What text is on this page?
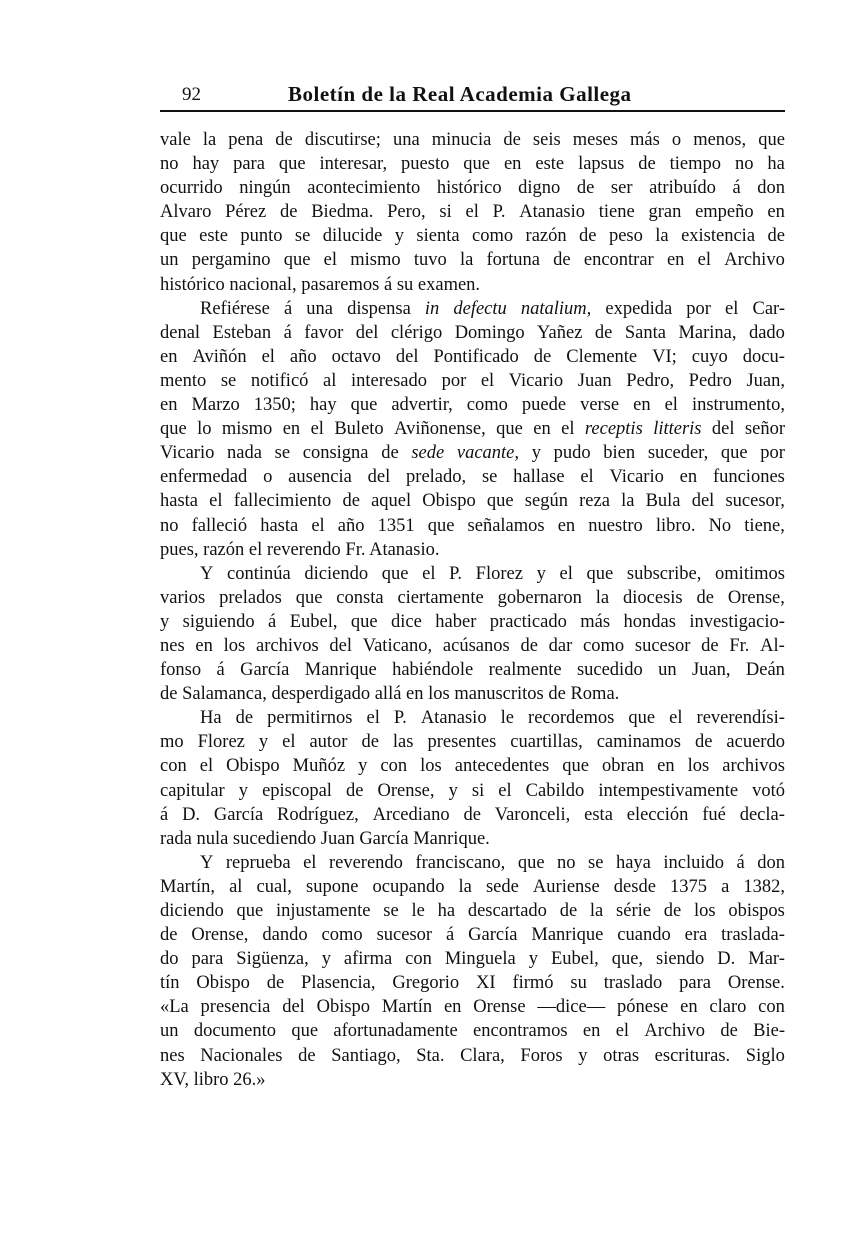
92	Boletín de la Real Academia Gallega
vale la pena de discutirse; una minucia de seis meses más o menos, que
no hay para que interesar, puesto que en este lapsus de tiempo no ha
ocurrido ningún acontecimiento histórico digno de ser atribuído á don
Alvaro Pérez de Biedma. Pero, si el P. Atanasio tiene gran empeño en
que este punto se dilucide y sienta como razón de peso la existencia de
un pergamino que el mismo tuvo la fortuna de encontrar en el Archivo
histórico nacional, pasaremos á su examen.
Refiérese á una dispensa in defectu natalium, expedida por el Car-
denal Esteban á favor del clérigo Domingo Yañez de Santa Marina, dado
en Aviñón el año octavo del Pontificado de Clemente VI; cuyo docu-
mento se notificó al interesado por el Vicario Juan Pedro, Pedro Juan,
en Marzo 1350; hay que advertir, como puede verse en el instrumento,
que lo mismo en el Buleto Aviñonense, que en el receptis litteris del señor
Vicario nada se consigna de sede vacante, y pudo bien suceder, que por
enfermedad o ausencia del prelado, se hallase el Vicario en funciones
hasta el fallecimiento de aquel Obispo que según reza la Bula del sucesor,
no falleció hasta el año 1351 que señalamos en nuestro libro. No tiene,
pues, razón el reverendo Fr. Atanasio.
Y continúa diciendo que el P. Florez y el que subscribe, omitimos
varios prelados que consta ciertamente gobernaron la diocesis de Orense,
y siguiendo á Eubel, que dice haber practicado más hondas investigacio-
nes en los archivos del Vaticano, acúsanos de dar como sucesor de Fr. Al-
fonso á García Manrique habiéndole realmente sucedido un Juan, Deán
de Salamanca, desperdigado allá en los manuscritos de Roma.
Ha de permitirnos el P. Atanasio le recordemos que el reverendísi-
mo Florez y el autor de las presentes cuartillas, caminamos de acuerdo
con el Obispo Muñóz y con los antecedentes que obran en los archivos
capitular y episcopal de Orense, y si el Cabildo intempestivamente votó
á D. García Rodríguez, Arcediano de Varonceli, esta elección fué decla-
rada nula sucediendo Juan García Manrique.
Y reprueba el reverendo franciscano, que no se haya incluido á don
Martín, al cual, supone ocupando la sede Auriense desde 1375 a 1382,
diciendo que injustamente se le ha descartado de la série de los obispos
de Orense, dando como sucesor á García Manrique cuando era traslada-
do para Sigüenza, y afirma con Minguela y Eubel, que, siendo D. Mar-
tín Obispo de Plasencia, Gregorio XI firmó su traslado para Orense.
«La presencia del Obispo Martín en Orense —dice— pónese en claro con
un documento que afortunadamente encontramos en el Archivo de Bie-
nes Nacionales de Santiago, Sta. Clara, Foros y otras escrituras. Siglo
XV, libro 26.»
